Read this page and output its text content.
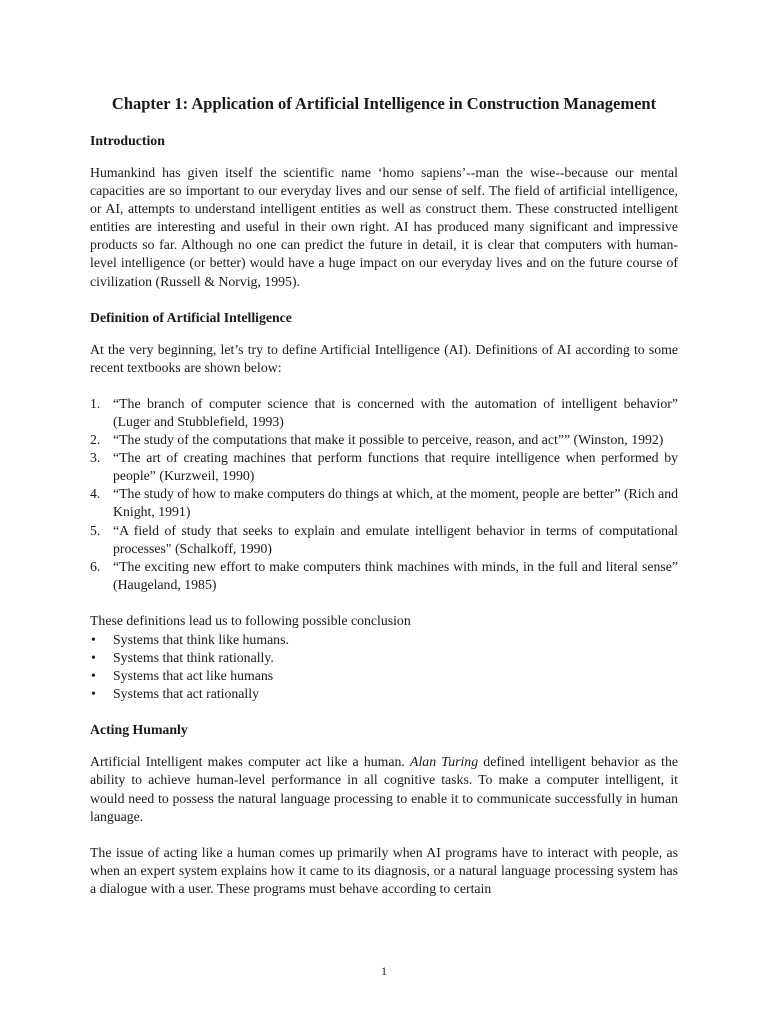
Chapter 1: Application of Artificial Intelligence in Construction Management
Introduction

Humankind has given itself the scientific name ‘homo sapiens’--man the wise--because our mental capacities are so important to our everyday lives and our sense of self. The field of artificial intelligence, or AI, attempts to understand intelligent entities as well as construct them. These constructed intelligent entities are interesting and useful in their own right. AI has produced many significant and impressive products so far. Although no one can predict the future in detail, it is clear that computers with human-level intelligence (or better) would have a huge impact on our everyday lives and on the future course of civilization (Russell & Norvig, 1995).

Definition of Artificial Intelligence

At the very beginning, let’s try to define Artificial Intelligence (AI). Definitions of AI according to some recent textbooks are shown below:

1. “The branch of computer science that is concerned with the automation of intelligent behavior” (Luger and Stubblefield, 1993)
2. “The study of the computations that make it possible to perceive, reason, and act”” (Winston, 1992)
3. “The art of creating machines that perform functions that require intelligence when performed by people” (Kurzweil, 1990)
4. “The study of how to make computers do things at which, at the moment, people are better” (Rich and Knight, 1991)
5. “A field of study that seeks to explain and emulate intelligent behavior in terms of computational processes" (Schalkoff, 1990)
6. “The exciting new effort to make computers think machines with minds, in the full and literal sense” (Haugeland, 1985)

These definitions lead us to following possible conclusion

• Systems that think like humans.
• Systems that think rationally.
• Systems that act like humans
• Systems that act rationally
Acting Humanly

Artificial Intelligent makes computer act like a human. Alan Turing defined intelligent behavior as the ability to achieve human-level performance in all cognitive tasks. To make a computer intelligent, it would need to possess the natural language processing to enable it to communicate successfully in human language.

The issue of acting like a human comes up primarily when AI programs have to interact with people, as when an expert system explains how it came to its diagnosis, or a natural language processing system has a dialogue with a user. These programs must behave according to certain

1
